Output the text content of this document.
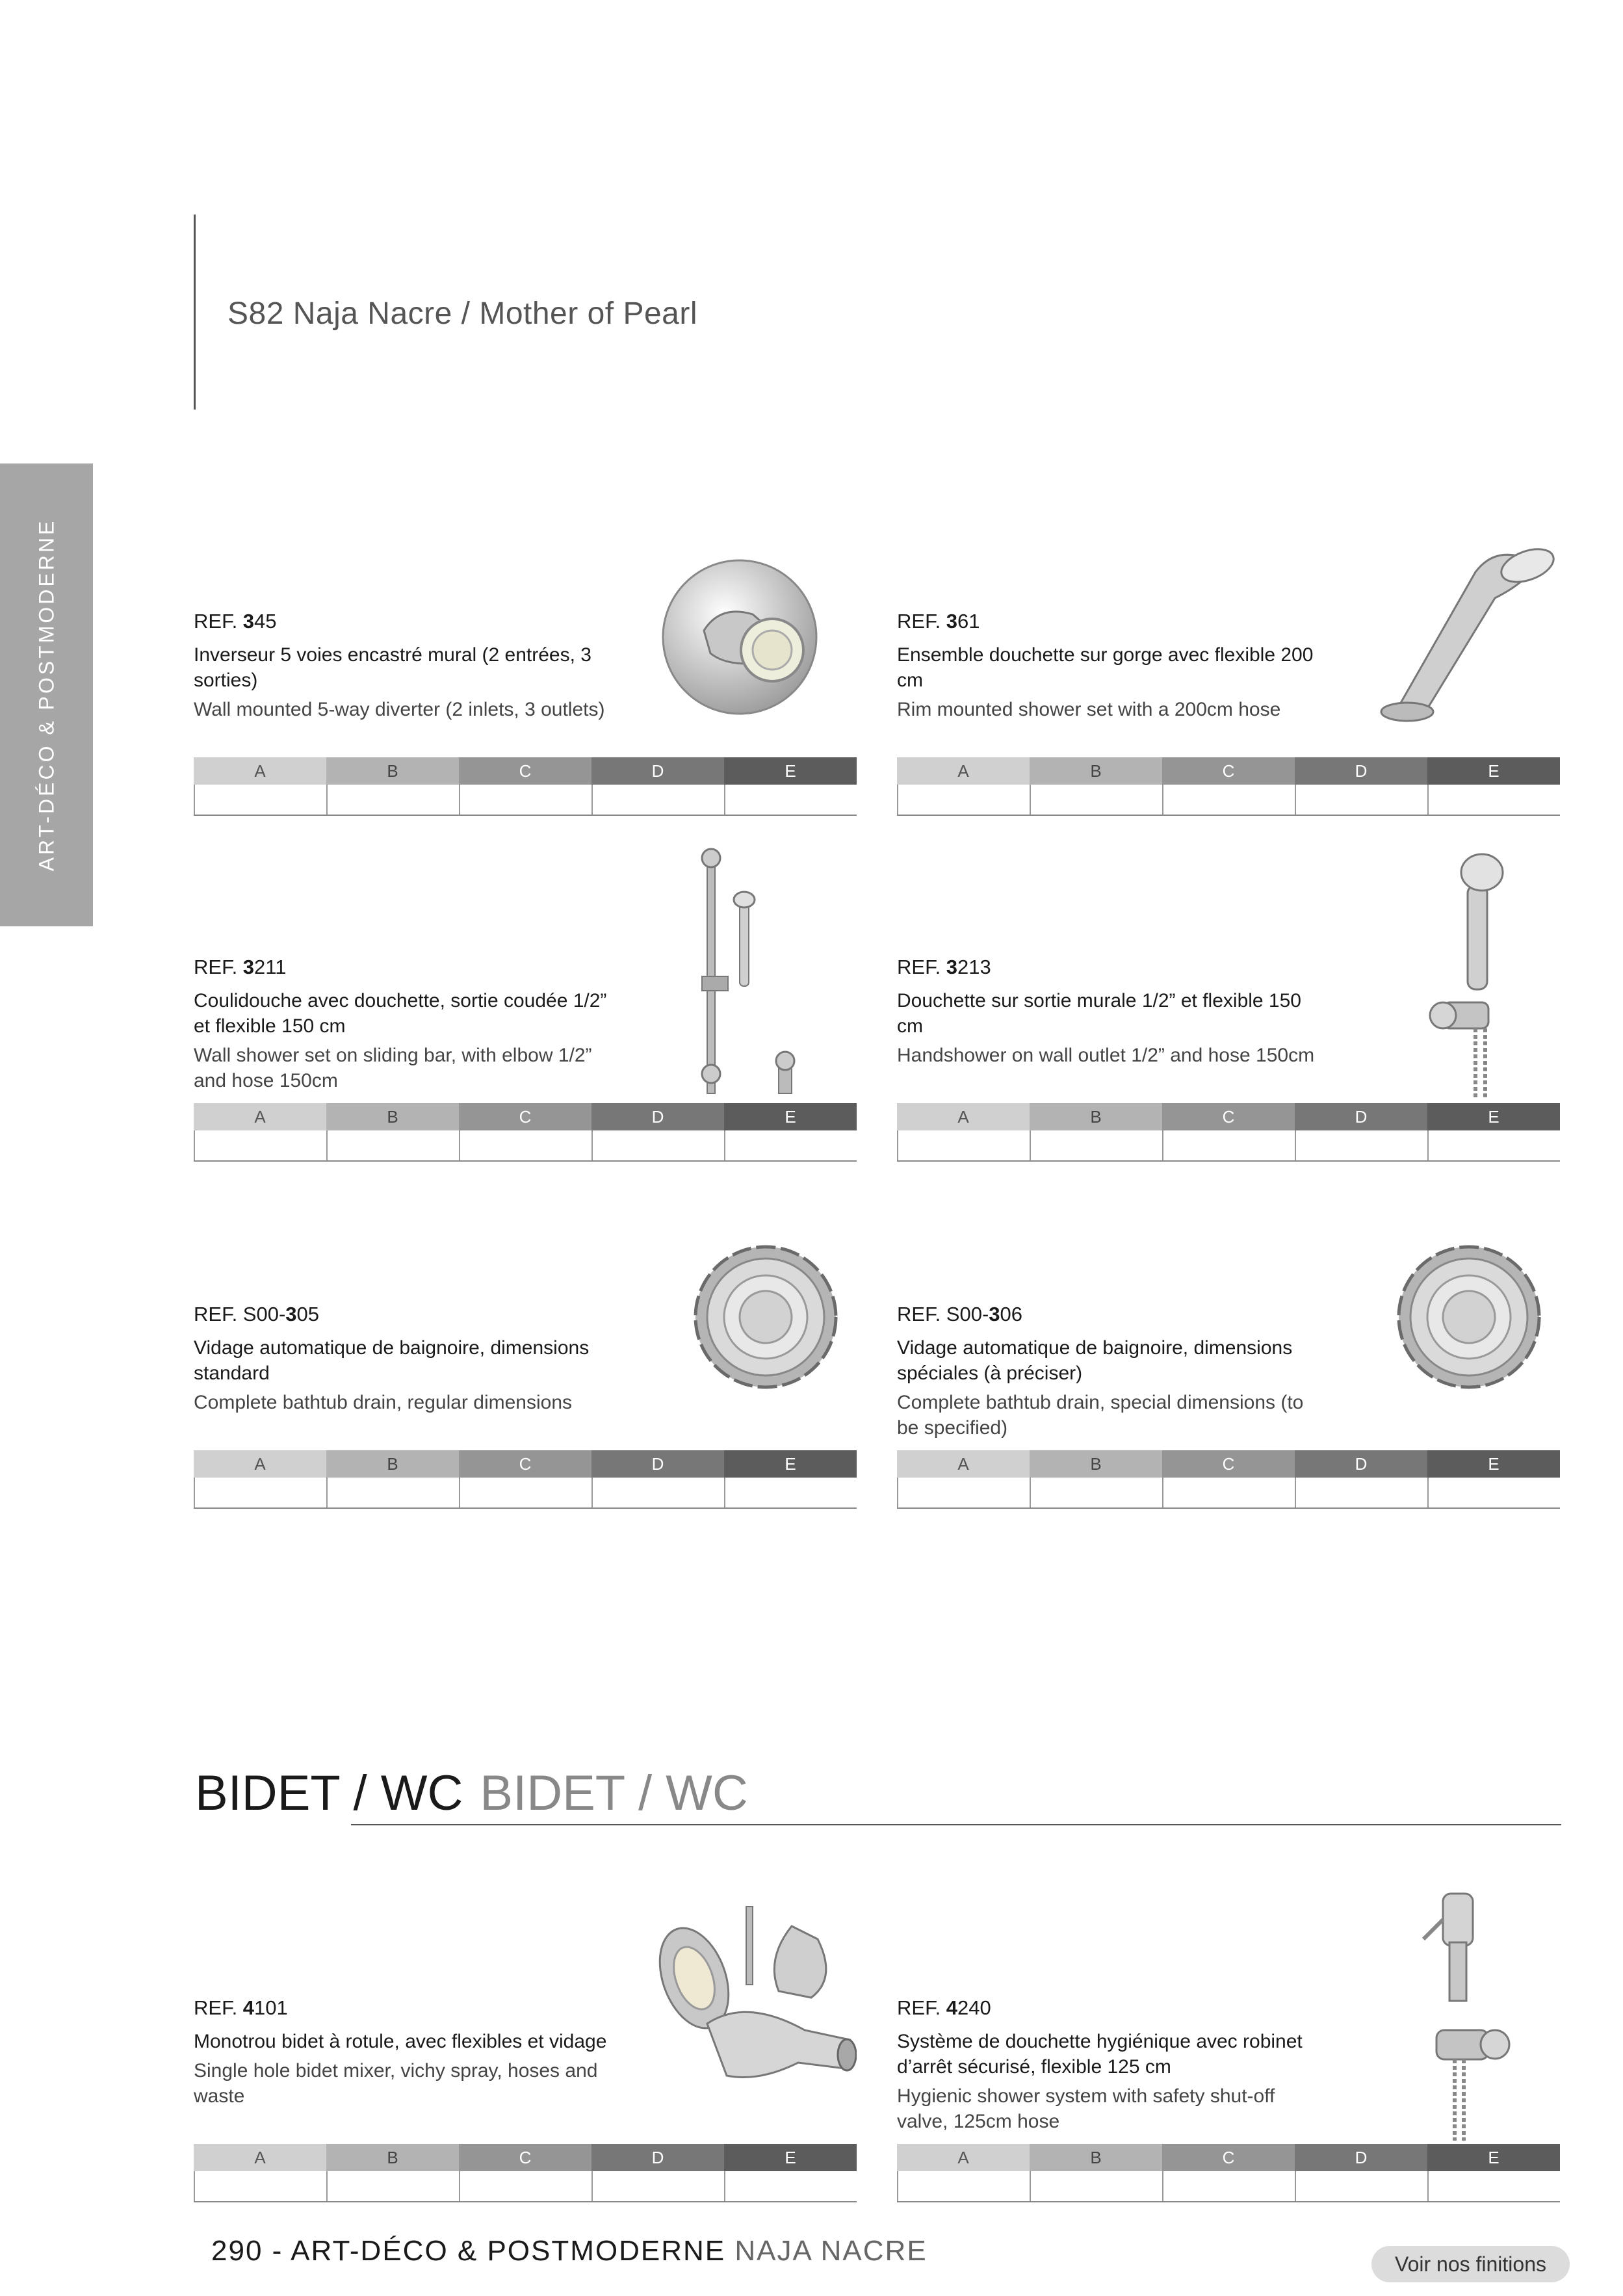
S82 Naja Nacre / Mother of Pearl
ART-DÉCO & POSTMODERNE	REF. 345
Inverseur 5 voies encastré mural (2 entrées, 3 sorties)
Wall mounted 5-way diverter (2 inlets, 3 outlets)
A	B	C	D	E
REF. 361
Ensemble douchette sur gorge avec flexible 200 cm
Rim mounted shower set with a 200cm hose
A	B	C	D	E
REF. 3211
Coulidouche avec douchette, sortie coudée 1/2” et flexible 150 cm
Wall shower set on sliding bar, with elbow 1/2” and hose 150cm
A	B	C	D	E
REF. 3213
Douchette sur sortie murale 1/2” et flexible 150 cm
Handshower on wall outlet 1/2” and hose 150cm
A	B	C	D	E
REF. S00-305
Vidage automatique de baignoire, dimensions standard
Complete bathtub drain, regular dimensions
A	B	C	D	E
REF. S00-306
Vidage automatique de baignoire, dimensions spéciales (à préciser)
Complete bathtub drain, special dimensions (to be specified)
A	B	C	D	E
BIDET / WC BIDET / WC
REF. 4101
Monotrou bidet à rotule, avec flexibles et vidage
Single hole bidet mixer, vichy spray, hoses and waste
A	B	C	D	E
REF. 4240
Système de douchette hygiénique avec robinet d’arrêt sécurisé, flexible 125 cm
Hygienic shower system with safety shut-off valve, 125cm hose
A	B	C	D	E
290 - ART-DÉCO & POSTMODERNE NAJA NACRE	Voir nos finitions
